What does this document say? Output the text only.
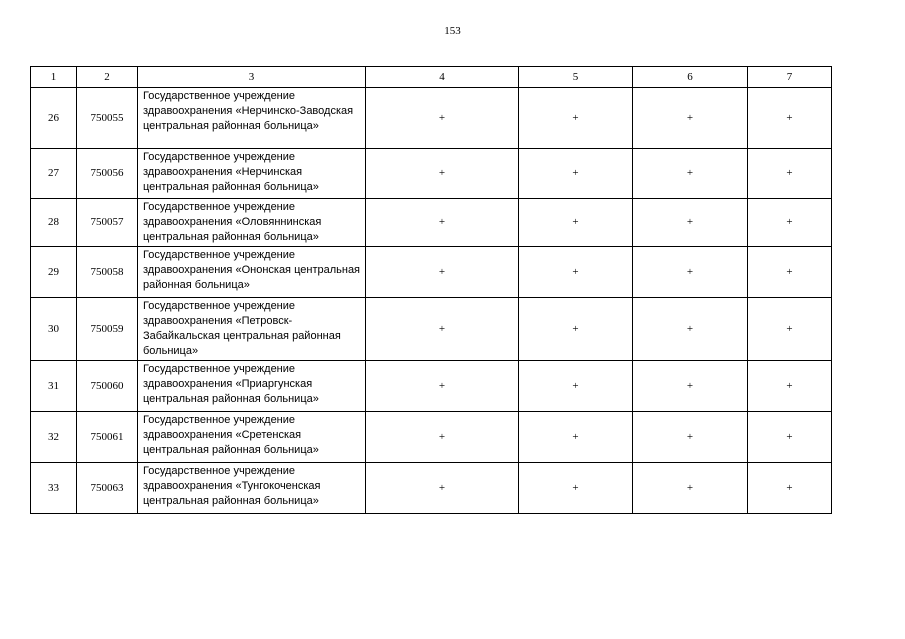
153
1	2	3	4	5	6	7
26	750055	Государственное учреждение здравоохранения «Нерчинско-Заводская центральная районная больница»	+	+	+	+
27	750056	Государственное учреждение здравоохранения «Нерчинская центральная районная больница»	+	+	+	+
28	750057	Государственное учреждение здравоохранения «Оловяннинская центральная районная больница»	+	+	+	+
29	750058	Государственное учреждение здравоохранения «Ононская центральная районная больница»	+	+	+	+
30	750059	Государственное учреждение здравоохранения «Петровск-Забайкальская центральная районная больница»	+	+	+	+
31	750060	Государственное учреждение здравоохранения «Приаргунская центральная районная больница»	+	+	+	+
32	750061	Государственное учреждение здравоохранения «Сретенская центральная районная больница»	+	+	+	+
33	750063	Государственное учреждение здравоохранения «Тунгокоченская центральная районная больница»	+	+	+	+
